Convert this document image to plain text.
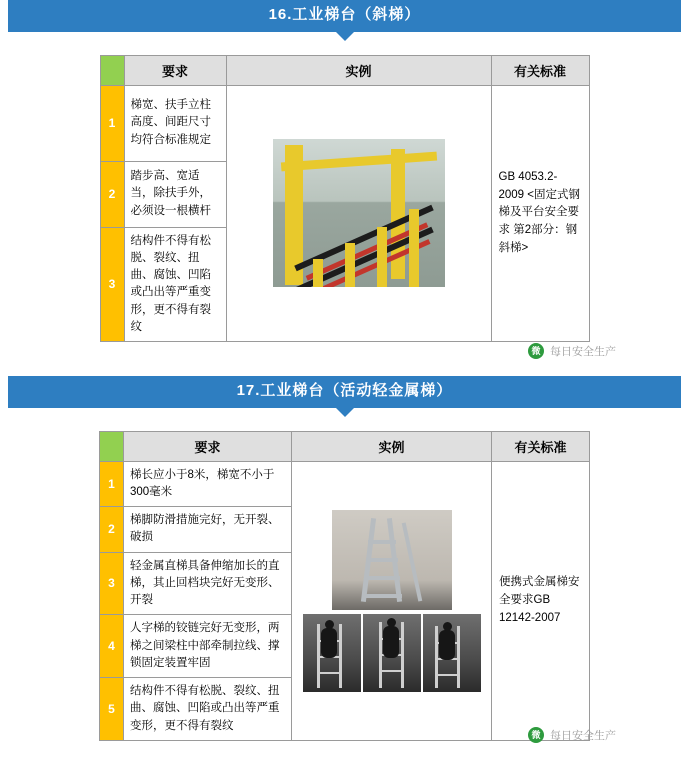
16.工业梯台（斜梯）
	要求	实例	有关标准
1	梯宽、扶手立柱高度、间距尺寸均符合标准规定		GB 4053.2-2009 <固定式钢梯及平台安全要求 第2部分：钢斜梯>
2	踏步高、宽适当，除扶手外，必须设一根横杆		
3	结构件不得有松脱、裂纹、扭曲、腐蚀、凹陷或凸出等严重变形，更不得有裂纹		
微 每日安全生产
17.工业梯台（活动轻金属梯）
	要求	实例	有关标准
1	梯长应小于8米，梯宽不小于300毫米		便携式金属梯安全要求GB 12142-2007
2	梯脚防滑措施完好，无开裂、破损		
3	轻金属直梯具备伸缩加长的直梯，其止回档块完好无变形、开裂		
4	人字梯的铰链完好无变形，两梯之间梁柱中部牵制拉线、撑锁固定装置牢固		
5	结构件不得有松脱、裂纹、扭曲、腐蚀、凹陷或凸出等严重变形，更不得有裂纹		
微 每日安全生产
